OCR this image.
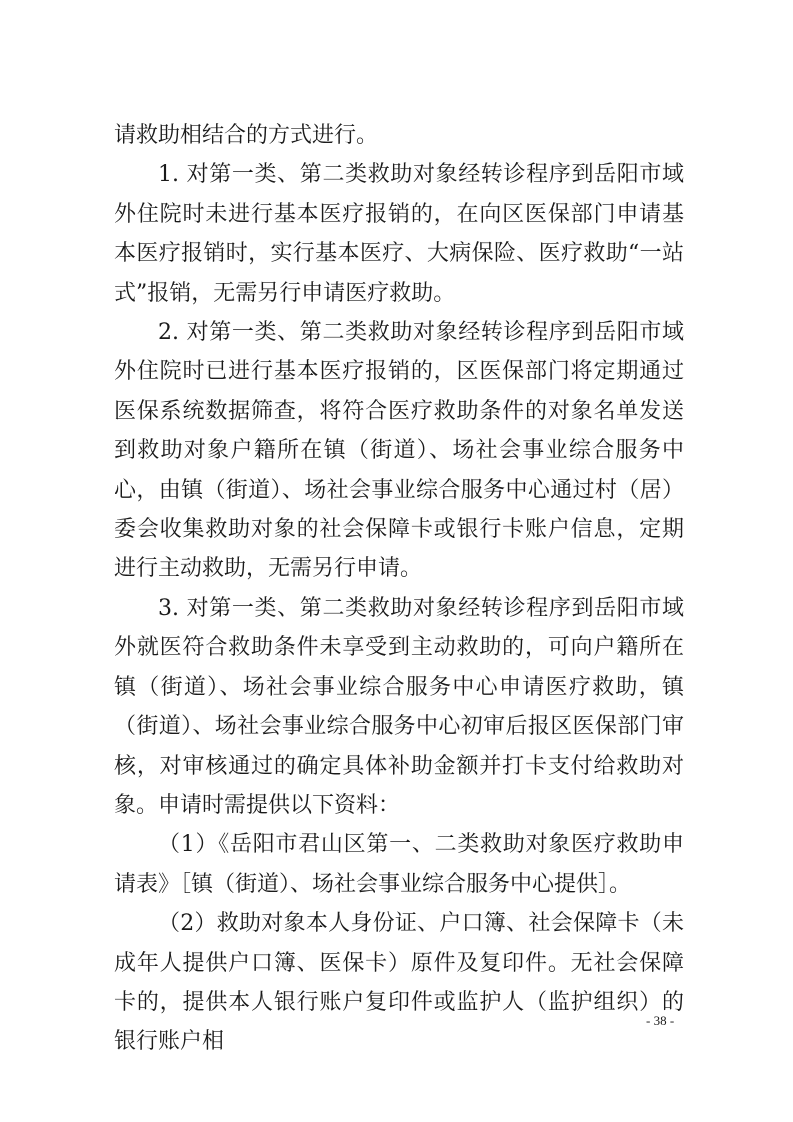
请救助相结合的方式进行。

1. 对第一类、第二类救助对象经转诊程序到岳阳市域外住院时未进行基本医疗报销的，在向区医保部门申请基本医疗报销时，实行基本医疗、大病保险、医疗救助“一站式”报销，无需另行申请医疗救助。

2. 对第一类、第二类救助对象经转诊程序到岳阳市域外住院时已进行基本医疗报销的，区医保部门将定期通过医保系统数据筛查，将符合医疗救助条件的对象名单发送到救助对象户籍所在镇（街道）、场社会事业综合服务中心，由镇（街道）、场社会事业综合服务中心通过村（居）委会收集救助对象的社会保障卡或银行卡账户信息，定期进行主动救助，无需另行申请。

3. 对第一类、第二类救助对象经转诊程序到岳阳市域外就医符合救助条件未享受到主动救助的，可向户籍所在镇（街道）、场社会事业综合服务中心申请医疗救助，镇（街道）、场社会事业综合服务中心初审后报区医保部门审核，对审核通过的确定具体补助金额并打卡支付给救助对象。申请时需提供以下资料：

（1）《岳阳市君山区第一、二类救助对象医疗救助申请表》［镇（街道）、场社会事业综合服务中心提供］。

（2）救助对象本人身份证、户口簿、社会保障卡（未成年人提供户口簿、医保卡）原件及复印件。无社会保障卡的，提供本人银行账户复印件或监护人（监护组织）的银行账户相

- 38 -
